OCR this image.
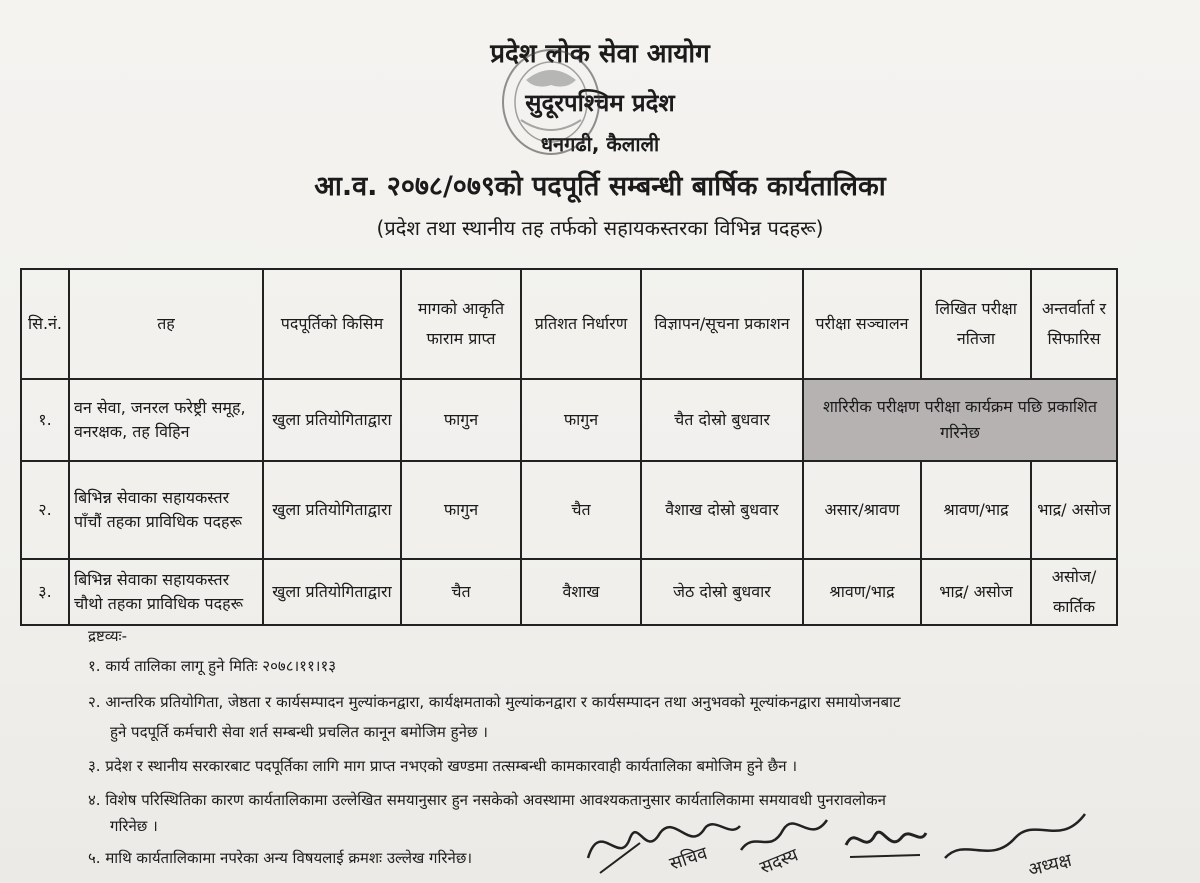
प्रदेश लोक सेवा आयोग
सुदूरपश्चिम प्रदेश
धनगढी, कैलाली
आ.व. २०७८/०७९को पदपूर्ति सम्बन्धी बार्षिक कार्यतालिका
(प्रदेश तथा स्थानीय तह तर्फको सहायकस्तरका विभिन्न पदहरू)
सि.नं.	तह	पदपूर्तिको किसिम	मागको आकृति फाराम प्राप्त	प्रतिशत निर्धारण	विज्ञापन/सूचना प्रकाशन	परीक्षा सञ्चालन	लिखित परीक्षा नतिजा	अन्तर्वार्ता र सिफारिस
१.	वन सेवा, जनरल फरेष्ट्री समूह, वनरक्षक, तह विहिन	खुला प्रतियोगिताद्वारा	फागुन	फागुन	चैत दोस्रो बुधवार	शारिरीक परीक्षण परीक्षा कार्यक्रम पछि प्रकाशित गरिनेछ		
२.	बिभिन्न सेवाका सहायकस्तर पाँचौं तहका प्राविधिक पदहरू	खुला प्रतियोगिताद्वारा	फागुन	चैत	वैशाख दोस्रो बुधवार	असार/श्रावण	श्रावण/भाद्र	भाद्र/ असोज
३.	बिभिन्न सेवाका सहायकस्तर चौथो तहका प्राविधिक पदहरू	खुला प्रतियोगिताद्वारा	चैत	वैशाख	जेठ दोस्रो बुधवार	श्रावण/भाद्र	भाद्र/ असोज	असोज/ कार्तिक
द्रष्टव्यः-
१. कार्य तालिका लागू हुने मितिः २०७८।११।१३
२. आन्तरिक प्रतियोगिता, जेष्ठता र कार्यसम्पादन मुल्यांकनद्वारा, कार्यक्षमताको मुल्यांकनद्वारा र कार्यसम्पादन तथा अनुभवको मूल्यांकनद्वारा समायोजनबाट
हुने पदपूर्ति कर्मचारी सेवा शर्त सम्बन्धी प्रचलित कानून बमोजिम हुनेछ ।
३. प्रदेश र स्थानीय सरकारबाट पदपूर्तिका लागि माग प्राप्त नभएको खण्डमा तत्सम्बन्धी कामकारवाही कार्यतालिका बमोजिम हुने छैन ।
४. विशेष परिस्थितिका कारण कार्यतालिकामा उल्लेखित समयानुसार हुन नसकेको अवस्थामा आवश्यकतानुसार कार्यतालिकामा समयावधी पुनरावलोकन
गरिनेछ ।
५. माथि कार्यतालिकामा नपरेका अन्य विषयलाई क्रमशः उल्लेख गरिनेछ।	सचिव	सदस्य	अध्यक्ष
